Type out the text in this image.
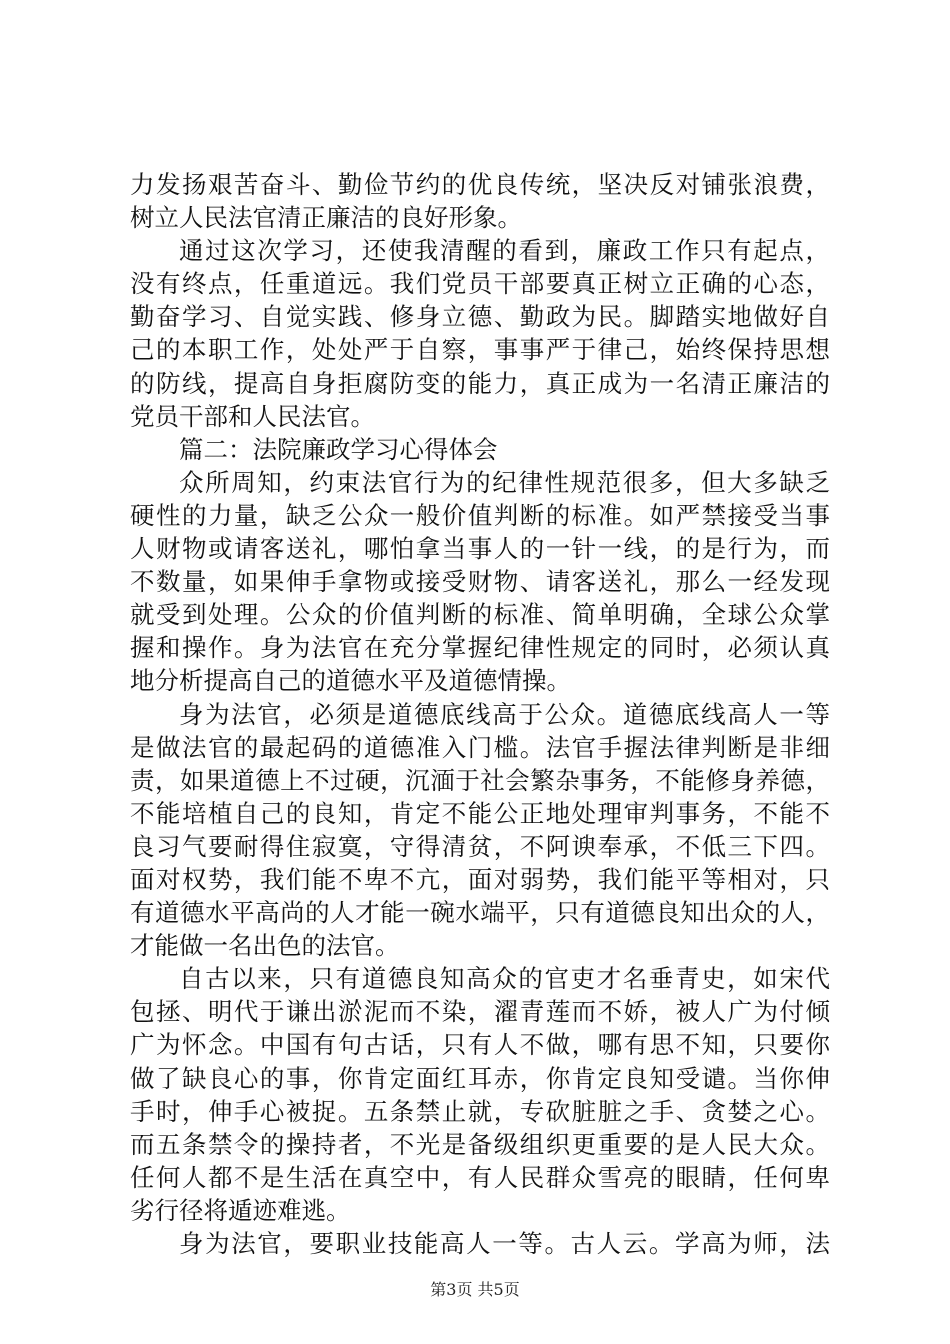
力发扬艰苦奋斗、勤俭节约的优良传统，坚决反对铺张浪费，
树立人民法官清正廉洁的良好形象。
通过这次学习，还使我清醒的看到，廉政工作只有起点，
没有终点，任重道远。我们党员干部要真正树立正确的心态，
勤奋学习、自觉实践、修身立德、勤政为民。脚踏实地做好自
己的本职工作，处处严于自察，事事严于律己，始终保持思想
的防线，提高自身拒腐防变的能力，真正成为一名清正廉洁的
党员干部和人民法官。
篇二：法院廉政学习心得体会
众所周知，约束法官行为的纪律性规范很多，但大多缺乏
硬性的力量，缺乏公众一般价值判断的标准。如严禁接受当事
人财物或请客送礼，哪怕拿当事人的一针一线，的是行为，而
不数量，如果伸手拿物或接受财物、请客送礼，那么一经发现
就受到处理。公众的价值判断的标准、简单明确，全球公众掌
握和操作。身为法官在充分掌握纪律性规定的同时，必须认真
地分析提高自己的道德水平及道德情操。
身为法官，必须是道德底线高于公众。道德底线高人一等
是做法官的最起码的道德准入门槛。法官手握法律判断是非细
责，如果道德上不过硬，沉湎于社会繁杂事务，不能修身养德，
不能培植自己的良知，肯定不能公正地处理审判事务，不能不
良习气要耐得住寂寞，守得清贫，不阿谀奉承，不低三下四。
面对权势，我们能不卑不亢，面对弱势，我们能平等相对，只
有道德水平高尚的人才能一碗水端平，只有道德良知出众的人，
才能做一名出色的法官。
自古以来，只有道德良知高众的官吏才名垂青史，如宋代
包拯、明代于谦出淤泥而不染，濯青莲而不娇，被人广为付倾
广为怀念。中国有句古话，只有人不做，哪有思不知，只要你
做了缺良心的事，你肯定面红耳赤，你肯定良知受谴。当你伸
手时，伸手心被捉。五条禁止就，专砍脏脏之手、贪婪之心。
而五条禁令的操持者，不光是备级组织更重要的是人民大众。
任何人都不是生活在真空中，有人民群众雪亮的眼睛，任何卑
劣行径将遁迹难逃。
身为法官，要职业技能高人一等。古人云。学高为师，法
第3页 共5页
